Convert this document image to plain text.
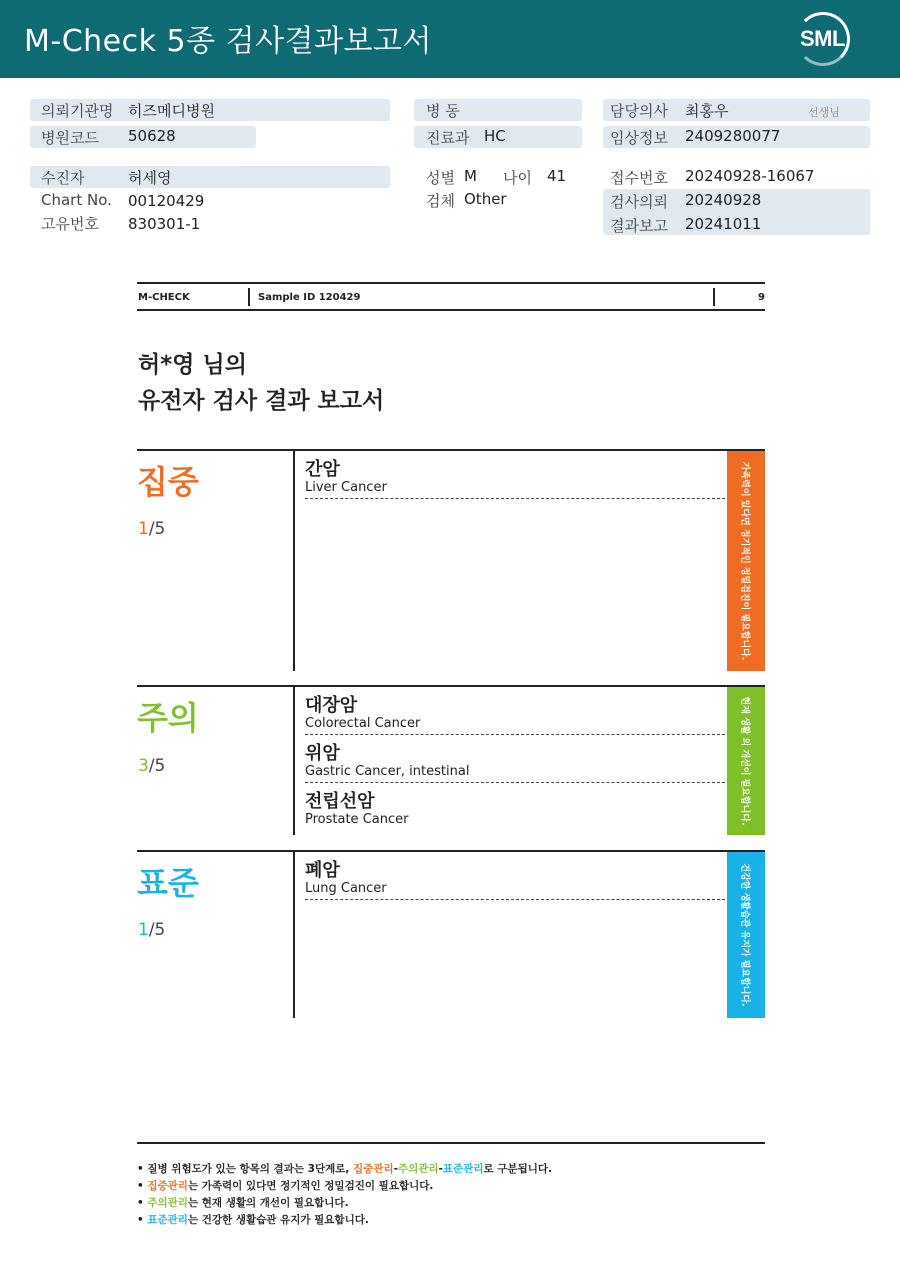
M-Check 5종 검사결과보고서	SML
의뢰기관명 히즈메디병원
병원코드 50628
병 동
진료과 HC
담당의사 최홍우	선생님
임상정보 2409280077
수진자	허세영
Chart No. 00120429
고유번호 830301-1
성별 M 나이 41
검체 Other
접수번호 20240928-16067
검사의뢰 20240928
결과보고 20241011
M-CHECK	Sample ID 120429	9
허*영 님의
유전자 검사 결과 보고서
집중
1/5
간암
Liver Cancer	가족력이 있다면 정기적인 정밀검진이 필요합니다.
주의
3/5
대장암
Colorectal Cancer
위암
Gastric Cancer, intestinal
전립선암
Prostate Cancer	현재 생활 의 개선이 필요합니다.
표준
1/5
폐암
Lung Cancer	건강한 생활습관 유지가 필요합니다.
• 질병 위험도가 있는 항목의 결과는 3단계로, 집중관리-주의관리-표준관리로 구분됩니다.
• 집중관리는 가족력이 있다면 정기적인 정밀검진이 필요합니다.
• 주의관리는 현재 생활의 개선이 필요합니다.
• 표준관리는 건강한 생활습관 유지가 필요합니다.
